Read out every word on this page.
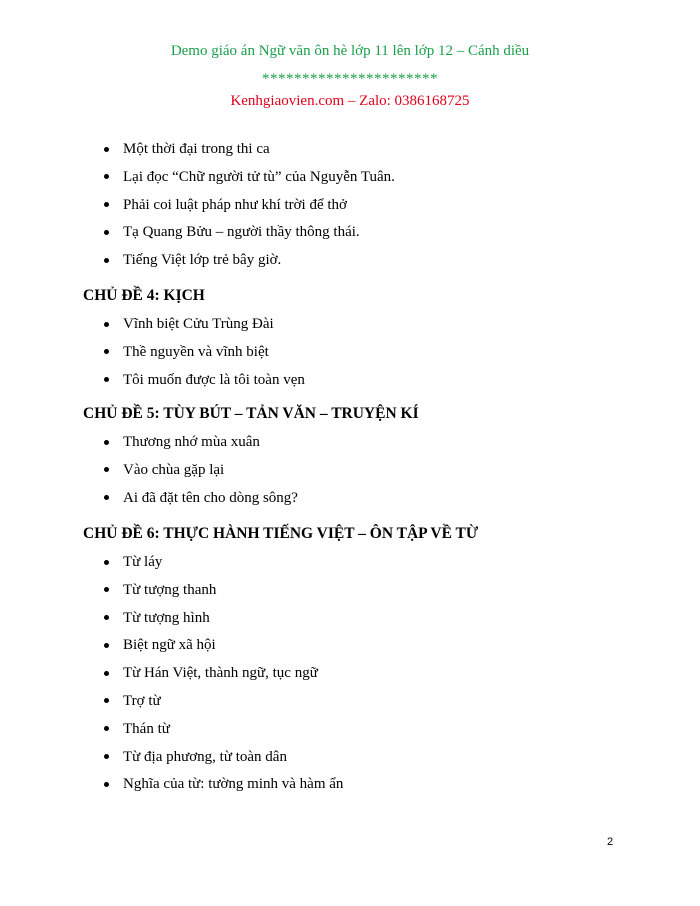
Demo giáo án Ngữ văn ôn hè lớp 11 lên lớp 12 – Cánh diều
**********************
Kenhgiaovien.com – Zalo: 0386168725
Một thời đại trong thi ca
Lại đọc “Chữ người tử tù” của Nguyễn Tuân.
Phải coi luật pháp như khí trời để thở
Tạ Quang Bửu – người thầy thông thái.
Tiếng Việt lớp trẻ bây giờ.
CHỦ ĐỀ 4: KỊCH
Vĩnh biệt Cửu Trùng Đài
Thề nguyền và vĩnh biệt
Tôi muốn được là tôi toàn vẹn
CHỦ ĐỀ 5: TÙY BÚT – TẢN VĂN – TRUYỆN KÍ
Thương nhớ mùa xuân
Vào chùa gặp lại
Ai đã đặt tên cho dòng sông?
CHỦ ĐỀ 6: THỰC HÀNH TIẾNG VIỆT – ÔN TẬP VỀ TỪ
Từ láy
Từ tượng thanh
Từ tượng hình
Biệt ngữ xã hội
Từ Hán Việt, thành ngữ, tục ngữ
Trợ từ
Thán từ
Từ địa phương, từ toàn dân
Nghĩa của từ: tường minh và hàm ẩn
2
